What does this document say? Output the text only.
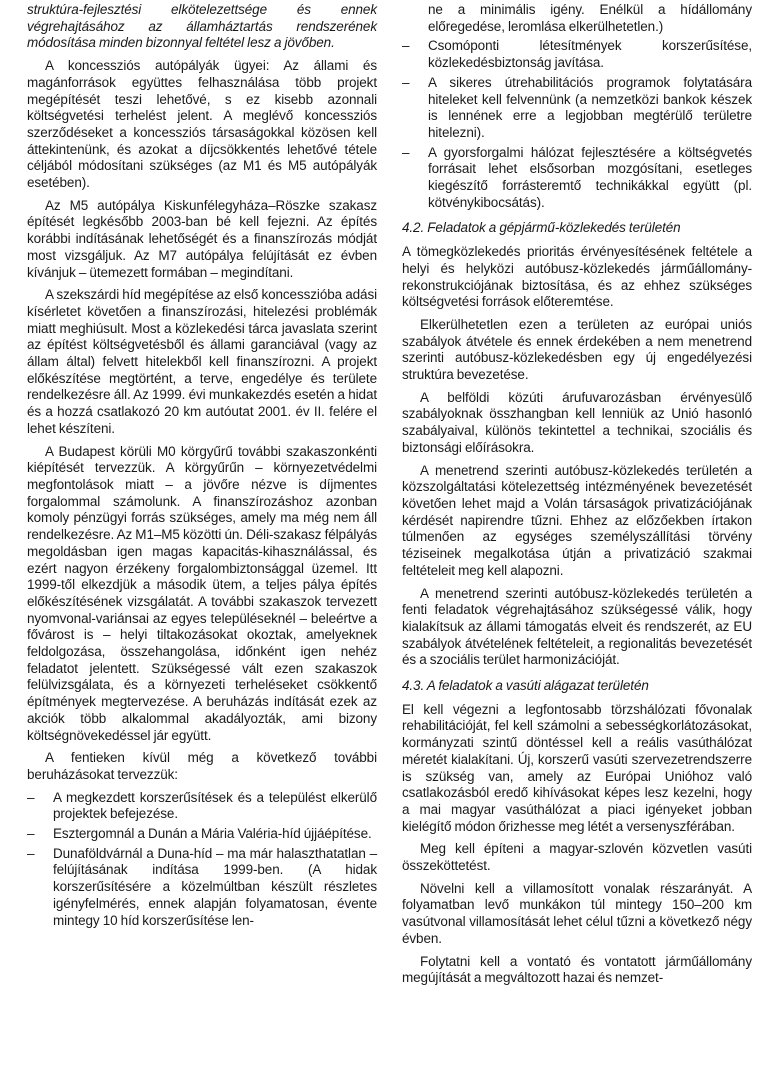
struktúra-fejlesztési elkötelezettsége és ennek végrehajtásához az államháztartás rendszerének módosítása minden bizonnyal feltétel lesz a jövőben.

A koncessziós autópályák ügyei: Az állami és magánforrások együttes felhasználása több projekt megépítését teszi lehetővé, s ez kisebb azonnali költségvetési terhelést jelent. A meglévő koncessziós szerződéseket a koncessziós társaságokkal közösen kell áttekintenünk, és azokat a díjcsökkentés lehetővé tétele céljából módosítani szükséges (az M1 és M5 autópályák esetében).

Az M5 autópálya Kiskunfélegyháza–Röszke szakasz építését legkésőbb 2003-ban bé kell fejezni. Az építés korábbi indításának lehetőségét és a finanszírozás módját most vizsgáljuk. Az M7 autópálya felújítását ez évben kívánjuk – ütemezett formában – megindítani.

A szekszárdi híd megépítése az első koncesszióba adási kísérletet követően a finanszírozási, hitelezési problémák miatt meghiúsult. Most a közlekedési tárca javaslata szerint az építést költségvetésből és állami garanciával (vagy az állam által) felvett hitelekből kell finanszírozni. A projekt előkészítése megtörtént, a terve, engedélye és területe rendelkezésre áll. Az 1999. évi munkakezdés esetén a hidat és a hozzá csatlakozó 20 km autóutat 2001. év II. felére el lehet készíteni.

A Budapest körüli M0 körgyűrű további szakaszonkénti kiépítését tervezzük. A körgyűrűn – környezetvédelmi megfontolások miatt – a jövőre nézve is díjmentes forgalommal számolunk. A finanszírozáshoz azonban komoly pénzügyi forrás szükséges, amely ma még nem áll rendelkezésre. Az M1–M5 közötti ún. Déli-szakasz félpályás megoldásban igen magas kapacitás-kihasználással, és ezért nagyon érzékeny forgalombiztonsággal üzemel. Itt 1999-től elkezdjük a második ütem, a teljes pálya építés előkészítésének vizsgálatát. A további szakaszok tervezett nyomvonal-variánsai az egyes településeknél – beleértve a fővárost is – helyi tiltakozásokat okoztak, amelyeknek feldolgozása, összehangolása, időnként igen nehéz feladatot jelentett. Szükségessé vált ezen szakaszok felülvizsgálata, és a környezeti terheléseket csökkentő építmények megtervezése. A beruházás indítását ezek az akciók több alkalommal akadályozták, ami bizony költségnövekedéssel jár együtt.

A fentieken kívül még a következő további beruházásokat tervezzük:

– A megkezdett korszerűsítések és a települést elkerülő projektek befejezése.
– Esztergomnál a Dunán a Mária Valéria-híd újjáépítése.
– Dunaföldvárnál a Duna-híd – ma már halaszthatatlan – felújításának indítása 1999-ben. (A hidak korszerűsítésére a közelmúltban készült részletes igényfelmérés, ennek alapján folyamatosan, évente mintegy 10 híd korszerűsítése len-
ne a minimális igény. Enélkül a hídállomány előregedése, leromlása elkerülhetetlen.)
– Csomóponti létesítmények korszerűsítése, közlekedésbiztonság javítása.
– A sikeres útrehabilitációs programok folytatására hiteleket kell felvennünk (a nemzetközi bankok készek is lennének erre a legjobban megtérülő területre hitelezni).
– A gyorsforgalmi hálózat fejlesztésére a költségvetés forrásait lehet elsősorban mozgósítani, esetleges kiegészítő forrásteremtő technikákkal együtt (pl. kötvénykibocsátás).
4.2. Feladatok a gépjármű-közlekedés területén

A tömegközlekedés prioritás érvényesítésének feltétele a helyi és helyközi autóbusz-közlekedés járműállomány-rekonstrukciójának biztosítása, és az ehhez szükséges költségvetési források előteremtése.

Elkerülhetetlen ezen a területen az európai uniós szabályok átvétele és ennek érdekében a nem menetrend szerinti autóbusz-közlekedésben egy új engedélyezési struktúra bevezetése.

A belföldi közúti árufuvarozásban érvényesülő szabályoknak összhangban kell lenniük az Unió hasonló szabályaival, különös tekintettel a technikai, szociális és biztonsági előírásokra.

A menetrend szerinti autóbusz-közlekedés területén a közszolgáltatási kötelezettség intézményének bevezetését követően lehet majd a Volán társaságok privatizációjának kérdését napirendre tűzni. Ehhez az előzőekben írtakon túlmenően az egységes személyszállítási törvény téziseinek megalkotása útján a privatizáció szakmai feltételeit meg kell alapozni.

A menetrend szerinti autóbusz-közlekedés területén a fenti feladatok végrehajtásához szükségessé válik, hogy kialakítsuk az állami támogatás elveit és rendszerét, az EU szabályok átvételének feltételeit, a regionalitás bevezetését és a szociális terület harmonizációját.

4.3. A feladatok a vasúti alágazat területén

El kell végezni a legfontosabb törzshálózati fővonalak rehabilitációját, fel kell számolni a sebességkorlátozásokat, kormányzati szintű döntéssel kell a reális vasúthálózat méretét kialakítani. Új, korszerű vasúti szervezetrendszerre is szükség van, amely az Európai Unióhoz való csatlakozásból eredő kihívásokat képes lesz kezelni, hogy a mai magyar vasúthálózat a piaci igényeket jobban kielégítő módon őrizhesse meg létét a versenyszférában.

Meg kell építeni a magyar-szlovén közvetlen vasúti összeköttetést.

Növelni kell a villamosított vonalak részarányát. A folyamatban levő munkákon túl mintegy 150–200 km vasútvonal villamosítását lehet célul tűzni a következő négy évben.

Folytatni kell a vontató és vontatott járműállomány megújítását a megváltozott hazai és nemzet-
